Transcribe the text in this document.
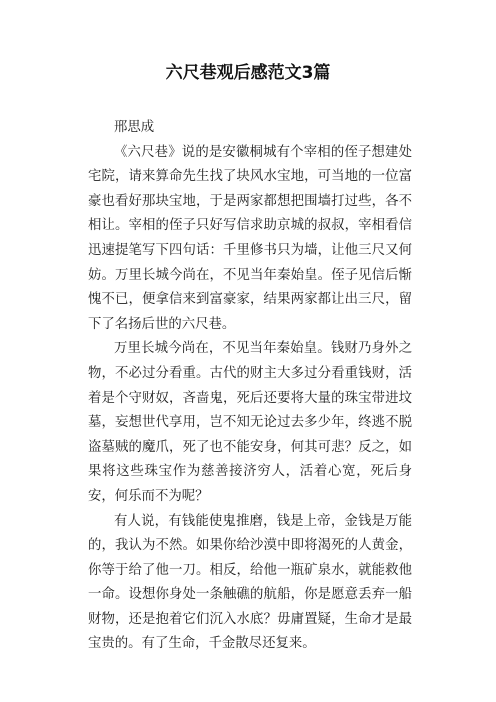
六尺巷观后感范文3篇

邢思成

《六尺巷》说的是安徽桐城有个宰相的侄子想建处宅院，请来算命先生找了块风水宝地，可当地的一位富豪也看好那块宝地，于是两家都想把围墙打过些，各不相让。宰相的侄子只好写信求助京城的叔叔，宰相看信迅速提笔写下四句话：千里修书只为墙，让他三尺又何妨。万里长城今尚在，不见当年秦始皇。侄子见信后惭愧不已，便拿信来到富豪家，结果两家都让出三尺，留下了名扬后世的六尺巷。

万里长城今尚在，不见当年秦始皇。钱财乃身外之物，不必过分看重。古代的财主大多过分看重钱财，活着是个守财奴，吝啬鬼，死后还要将大量的珠宝带进坟墓，妄想世代享用，岂不知无论过去多少年，终逃不脱盗墓贼的魔爪，死了也不能安身，何其可悲？反之，如果将这些珠宝作为慈善接济穷人，活着心宽，死后身安，何乐而不为呢？

有人说，有钱能使鬼推磨，钱是上帝，金钱是万能的，我认为不然。如果你给沙漠中即将渴死的人黄金，你等于给了他一刀。相反，给他一瓶矿泉水，就能救他一命。设想你身处一条触礁的航船，你是愿意丢弃一船财物，还是抱着它们沉入水底？毋庸置疑，生命才是最宝贵的。有了生命，千金散尽还复来。
